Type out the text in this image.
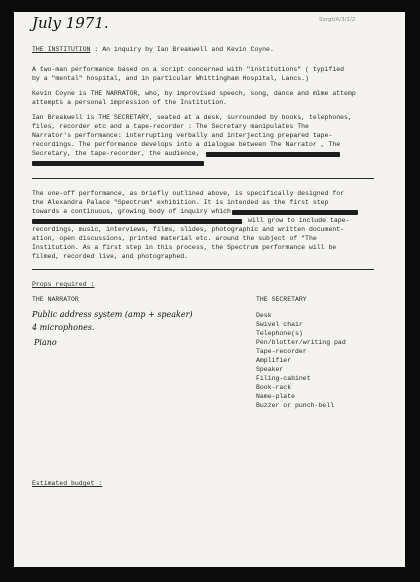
July 1971.	Sorgt/A/3/1/2
THE INSTITUTION : An inquiry by Ian Breakwell and Kevin Coyne.
A two-man performance based on a script concerned with "institutions" ( typified
by a "mental" hospital, and in particular Whittingham Hospital, Lancs.)
Kevin Coyne is THE NARRATOR, who, by improvised speech, song, dance and mime attemp
attempts a personal impression of the Institution.
Ian Breakwell is THE SECRETARY, seated at a desk, surrounded by books, telephones,
files, recorder etc and a tape-recorder : The Secretary manipulates The
Narrator's performance: interrupting verbally and interjecting prepared tape-
recordings. The performance develops into a dialogue between The Narrator , The
Secretary, the tape-recorder, the audience,
The one-off performance, as briefly outlined above, is specifically designed for
the Alexandra Palace "Spectrum" exhibition. It is intended as the first step
towards a continuous, growing body of inquiry which
will grow to include tape-
recordings, music, interviews, films, slides, photographic and written document-
ation, open discussions, printed material etc. around the subject of "The
Institution. As a first step in this process, the Spectrum performance will be
filmed, recorded live, and photographed.
Props required :
THE NARRATOR	THE SECRETARY
Public address system (amp + speaker)
4 microphones.
Piano
Desk
Swivel chair
Telephone(s)
Pen/blotter/writing pad
Tape-recorder
Amplifier
Speaker
Filing-cabinet
Book-rack
Name-plate
Buzzer or punch-bell
Estimated budget :
